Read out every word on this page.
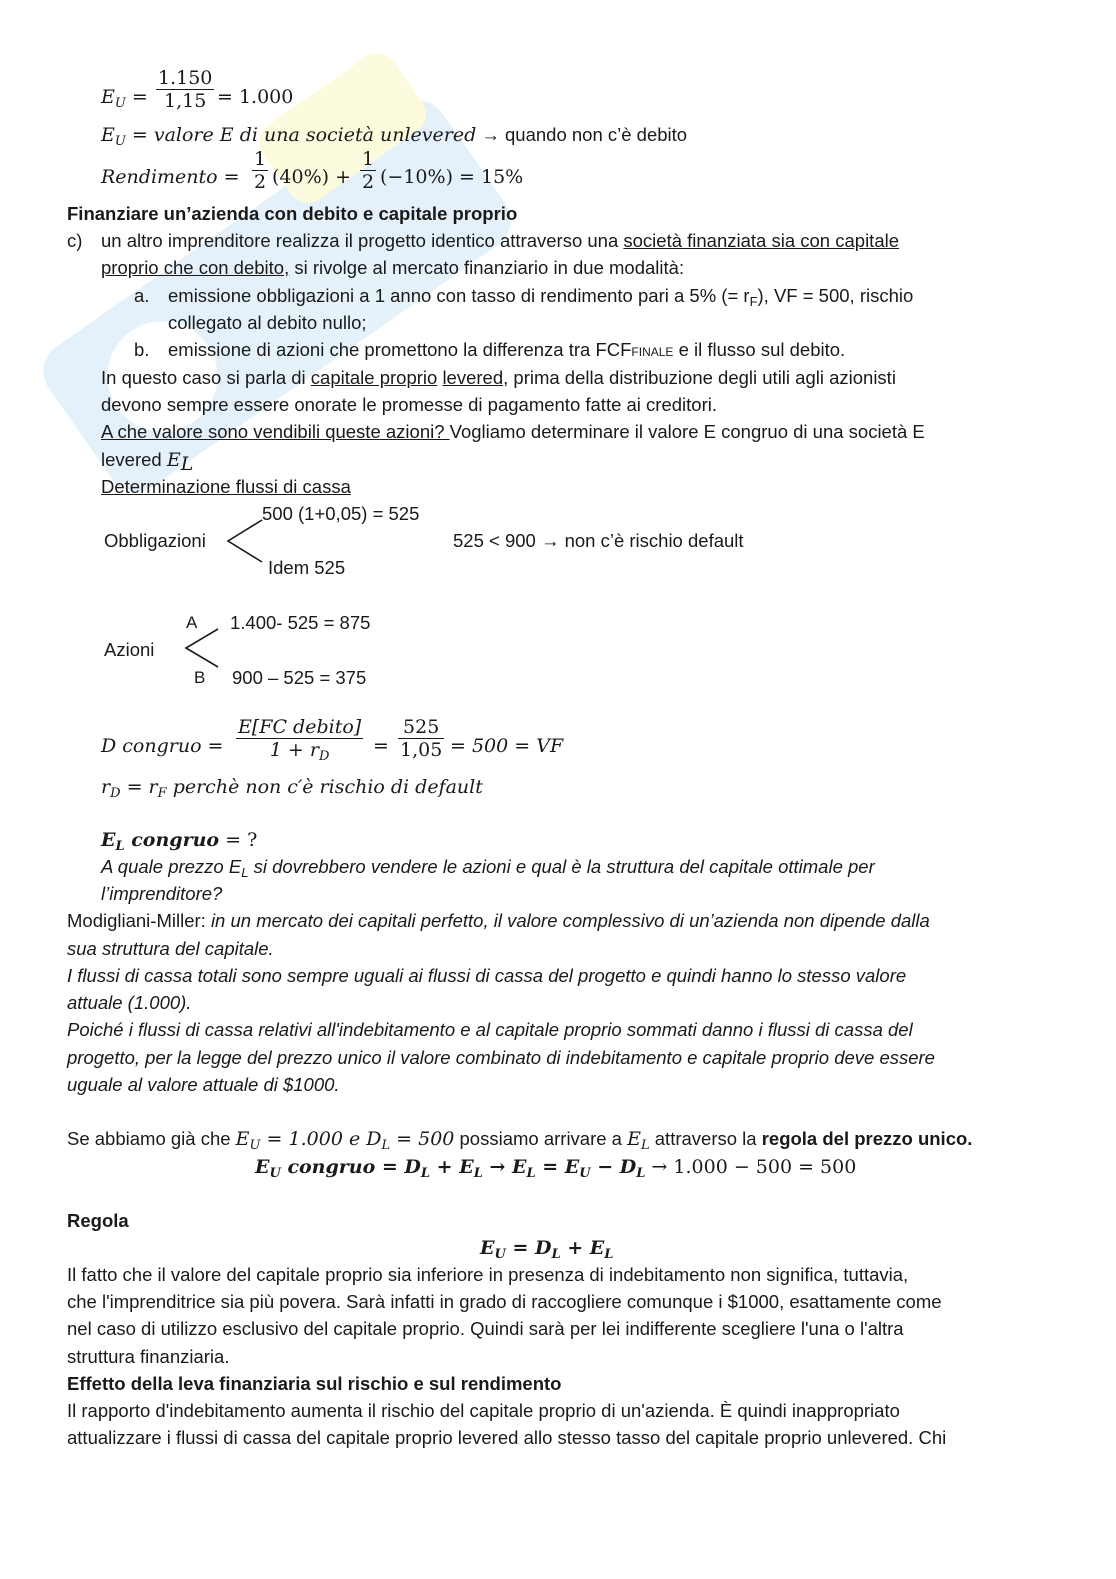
$E_U = \frac{1.150}{1,15} = 1.000$
$E_U$ = valore E di una società unlevered → quando non c’è debito
Rendimento = $\frac{1}{2} (40\%) + \frac{1}{2} (-10\%) = 15\%$
Finanziare un’azienda con debito e capitale proprio
c) un altro imprenditore realizza il progetto identico attraverso una società finanziata sia con capitale
proprio che con debito, si rivolge al mercato finanziario in due modalità:
a. emissione obbligazioni a 1 anno con tasso di rendimento pari a 5% (= $r_F$), VF = 500, rischio
collegato al debito nullo;
b. emissione di azioni che promettono la differenza tra FCFFINALE e il flusso sul debito.
In questo caso si parla di capitale proprio levered, prima della distribuzione degli utili agli azionisti
devono sempre essere onorate le promesse di pagamento fatte ai creditori.
A che valore sono vendibili queste azioni? Vogliamo determinare il valore E congruo di una società E
levered $E_L$
Determinazione flussi di cassa
Obbligazioni
500 (1+0,05) = 525
Idem 525
525 < 900 → non c’è rischio default
Azioni
A
B
1.400- 525 = 875
900 – 525 = 375
D congruo =
E[FC debito]
$1 + r_D$	= $\frac{525}{1,05} = 500$ = VF
$r_D = r_F$ perchè non c′è rischio di default
$E_L$ congruo = ?
A quale prezzo $E_L$ si dovrebbero vendere le azioni e qual è la struttura del capitale ottimale per
l’imprenditore?
Modigliani-Miller: in un mercato dei capitali perfetto, il valore complessivo di un’azienda non dipende dalla
sua struttura del capitale.
I flussi di cassa totali sono sempre uguali ai flussi di cassa del progetto e quindi hanno lo stesso valore
attuale (1.000).
Poiché i flussi di cassa relativi all'indebitamento e al capitale proprio sommati danno i flussi di cassa del
progetto, per la legge del prezzo unico il valore combinato di indebitamento e capitale proprio deve essere
uguale al valore attuale di $1000.
Se abbiamo già che $E_U = 1.000$ e $D_L = 500$ possiamo arrivare a $E_L$ attraverso la regola del prezzo unico.
$E_U$ congruo = $D_L + E_L \to E_L = E_U - D_L \to 1.000 - 500 = 500$
Regola
$E_U = D_L + E_L$
Il fatto che il valore del capitale proprio sia inferiore in presenza di indebitamento non significa, tuttavia,
che l'imprenditrice sia più povera. Sarà infatti in grado di raccogliere comunque i $1000, esattamente come
nel caso di utilizzo esclusivo del capitale proprio. Quindi sarà per lei indifferente scegliere l'una o l'altra
struttura finanziaria.
Effetto della leva finanziaria sul rischio e sul rendimento
Il rapporto d'indebitamento aumenta il rischio del capitale proprio di un'azienda. È quindi inappropriato
attualizzare i flussi di cassa del capitale proprio levered allo stesso tasso del capitale proprio unlevered. Chi
